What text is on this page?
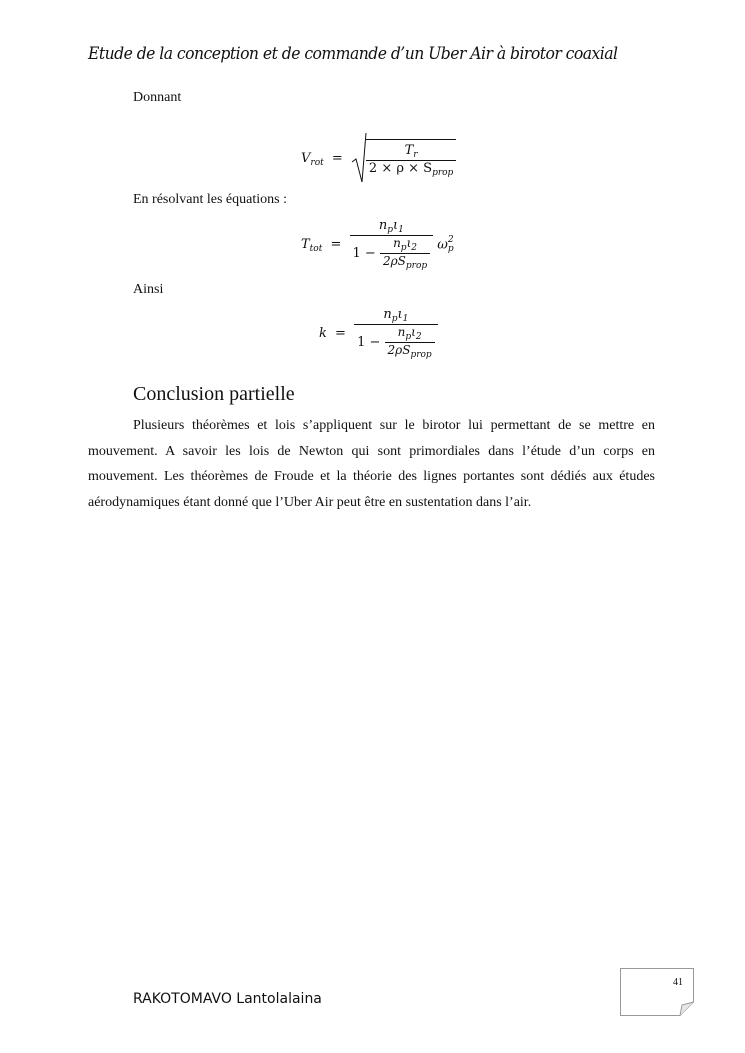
Etude de la conception et de commande d’un Uber Air à birotor coaxial
Donnant
$V_{rot} = \frac{T_r}{2 \times \rho \times S_{prop}}$
En résolvant les équations :
$T_{tot} = \frac{n_p\iota_1}{1 - \frac{n_p\iota_2}{2\rho S_{prop}}}$ ω 2
p
Ainsi
$k = \frac{n_p\iota_1}{1 - \frac{n_p\iota_2}{2\rho S_{prop}}}$
Conclusion partielle
Plusieurs théorèmes et lois s’appliquent sur le birotor lui permettant de se mettre en mouvement. A savoir les lois de Newton qui sont primordiales dans l’étude d’un corps en mouvement. Les théorèmes de Froude et la théorie des lignes portantes sont dédiés aux études aérodynamiques étant donné que l’Uber Air peut être en sustentation dans l’air.
41
RAKOTOMAVO Lantolalaina
